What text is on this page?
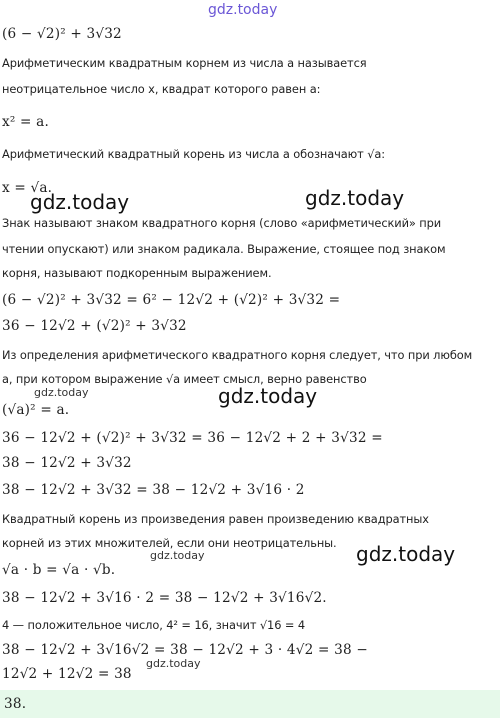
gdz.today
(6 − √2)² + 3√32
Арифметическим квадратным корнем из числа a называется
неотрицательное число x, квадрат которого равен a:
x² = a.
Арифметический квадратный корень из числа a обозначают √a:
x = √a.
gdz.today	gdz.today
Знак называют знаком квадратного корня (слово «арифметический» при
чтении опускают) или знаком радикала. Выражение, стоящее под знаком
корня, называют подкоренным выражением.
(6 − √2)² + 3√32 = 6² − 12√2 + (√2)² + 3√32 =
36 − 12√2 + (√2)² + 3√32
Из определения арифметического квадратного корня следует, что при любом
a, при котором выражение √a имеет смысл, верно равенство
gdz.today	gdz.today
(√a)² = a.
36 − 12√2 + (√2)² + 3√32 = 36 − 12√2 + 2 + 3√32 =
38 − 12√2 + 3√32
38 − 12√2 + 3√32 = 38 − 12√2 + 3√16 · 2
Квадратный корень из произведения равен произведению квадратных
корней из этих множителей, если они неотрицательны.
gdz.today	gdz.today
√a · b = √a · √b.
38 − 12√2 + 3√16 · 2 = 38 − 12√2 + 3√16√2.
4 — положительное число, 4² = 16, значит √16 = 4
38 − 12√2 + 3√16√2 = 38 − 12√2 + 3 · 4√2 = 38 −
gdz.today
12√2 + 12√2 = 38
38.
